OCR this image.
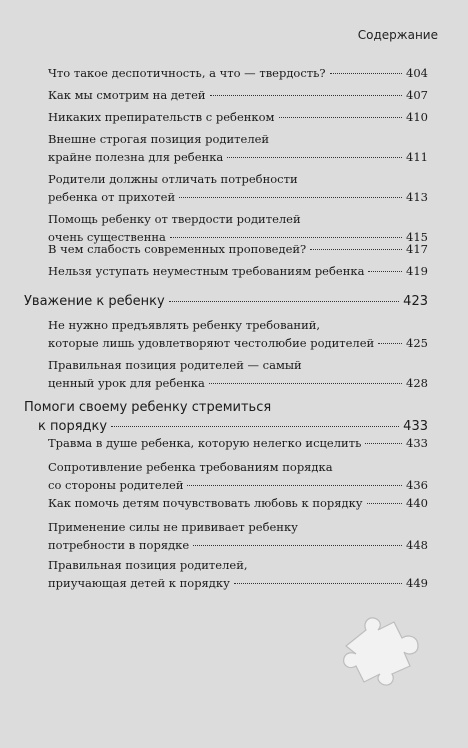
Содержание
Что такое деспотичность, а что — твердость?	404
Как мы смотрим на детей	407
Никаких препирательств с ребенком	410
Внешне строгая позиция родителей
крайне полезна для ребенка	411
Родители должны отличать потребности
ребенка от прихотей	413
Помощь ребенку от твердости родителей
очень существенна	415
В чем слабость современных проповедей?	417
Нельзя уступать неуместным требованиям ребенка	419
Уважение к ребенку	423
Не нужно предъявлять ребенку требований,
которые лишь удовлетворяют честолюбие родителей	425
Правильная позиция родителей — самый
ценный урок для ребенка	428
Помоги своему ребенку стремиться
к порядку	433
Травма в душе ребенка, которую нелегко исцелить	433
Сопротивление ребенка требованиям порядка
со стороны родителей	436
Как помочь детям почувствовать любовь к порядку	440
Применение силы не прививает ребенку
потребности в порядке	448
Правильная позиция родителей,
приучающая детей к порядку	449
